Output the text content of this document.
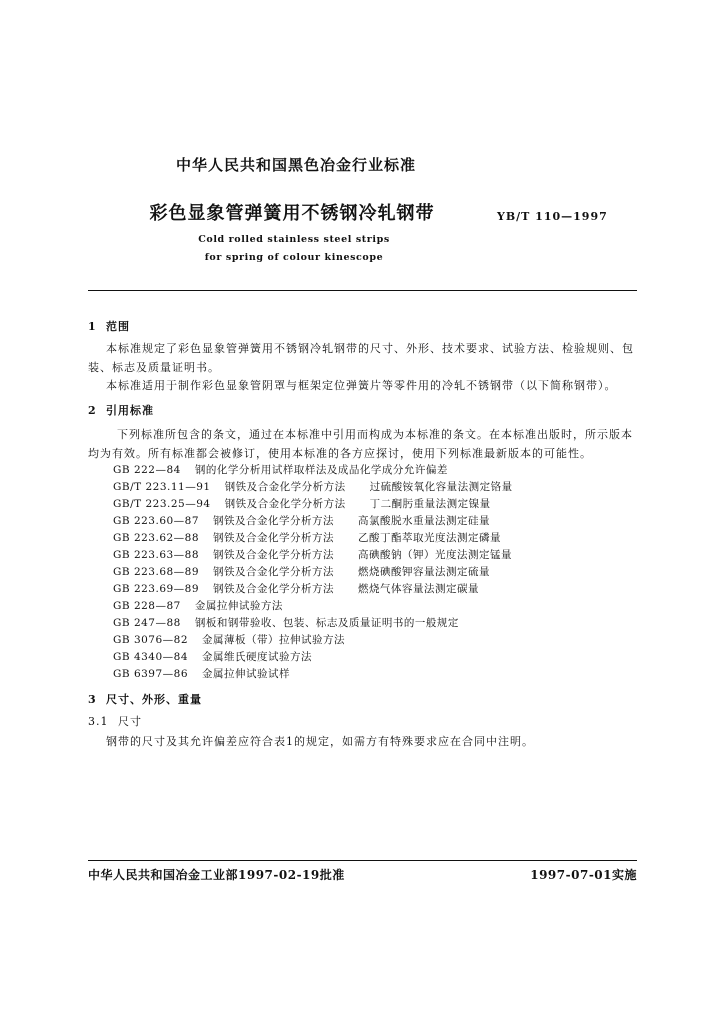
中华人民共和国黑色冶金行业标准
彩色显象管弹簧用不锈钢冷轧钢带	YB/T 110—1997
Cold rolled stainless steel strips
for spring of colour kinescope
1 范围
本标准规定了彩色显象管弹簧用不锈钢冷轧钢带的尺寸、外形、技术要求、试验方法、检验规则、包
装、标志及质量证明书。
本标准适用于制作彩色显象管阴罩与框架定位弹簧片等零件用的冷轧不锈钢带（以下简称钢带）。
2 引用标准
下列标准所包含的条文，通过在本标准中引用而构成为本标准的条文。在本标准出版时，所示版本
均为有效。所有标准都会被修订，使用本标准的各方应探讨，使用下列标准最新版本的可能性。
GB 222—84 钢的化学分析用试样取样法及成品化学成分允许偏差
GB/T 223.11—91 钢铁及合金化学分析方法 过硫酸铵氧化容量法测定铬量
GB/T 223.25—94 钢铁及合金化学分析方法 丁二酮肟重量法测定镍量
GB 223.60—87 钢铁及合金化学分析方法 高氯酸脱水重量法测定硅量
GB 223.62—88 钢铁及合金化学分析方法 乙酸丁酯萃取光度法测定磷量
GB 223.63—88 钢铁及合金化学分析方法 高碘酸钠（钾）光度法测定锰量
GB 223.68—89 钢铁及合金化学分析方法 燃烧碘酸钾容量法测定硫量
GB 223.69—89 钢铁及合金化学分析方法 燃烧气体容量法测定碳量
GB 228—87 金属拉伸试验方法
GB 247—88 钢板和钢带验收、包装、标志及质量证明书的一般规定
GB 3076—82 金属薄板（带）拉伸试验方法
GB 4340—84 金属维氏硬度试验方法
GB 6397—86 金属拉伸试验试样
3 尺寸、外形、重量
3.1 尺寸
钢带的尺寸及其允许偏差应符合表1的规定，如需方有特殊要求应在合同中注明。
中华人民共和国冶金工业部1997-02-19批准	1997-07-01实施
